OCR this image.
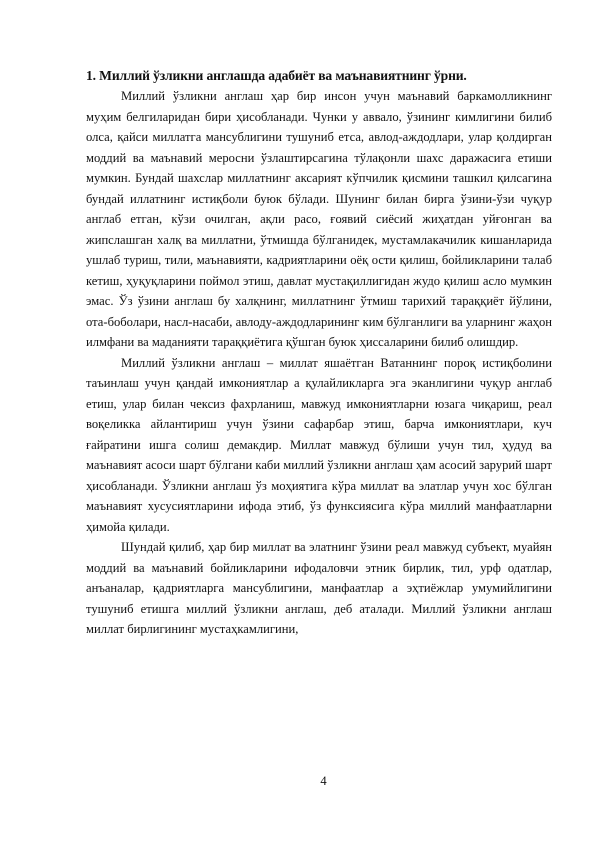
1. Миллий ўзликни англашда адабиёт ва маънавиятнинг ўрни.

Миллий ўзликни англаш ҳар бир инсон учун маънавий баркамолликнинг муҳим белгиларидан бири ҳисобланади. Чунки у аввало, ўзининг кимлигини билиб олса, қайси миллатга мансублигини тушуниб етса, авлод-аждодлари, улар қолдирган моддий ва маънавий меросни ўзлаштирсагина тўлақонли шахс даражасига етиши мумкин. Бундай шахслар миллатнинг аксарият кўпчилик қисмини ташкил қилсагина бундай иллатнинг истиқболи буюк бўлади. Шунинг билан бирга ўзини-ўзи чуқур англаб етган, кўзи очилган, ақли расо, ғоявий сиёсий жиҳатдан уйғонган ва жипслашган халқ ва миллатни, ўтмишда бўлганидек, мустамлакачилик кишанларида ушлаб туриш, тили, маънавияти, кадриятларини оёқ ости қилиш, бойликларини талаб кетиш, ҳуқуқларини поймол этиш, давлат мустақиллигидан жудо қилиш асло мумкин эмас. Ўз ўзини англаш бу халқнинг, миллатнинг ўтмиш тарихий тараққиёт йўлини, ота-боболари, насл-насаби, авлоду-аждодларининг ким бўлганлиги ва уларнинг жаҳон илмфани ва маданияти тараққиётига қўшган буюк ҳиссаларини билиб олишдир.

Миллий ўзликни англаш – миллат яшаётган Ватаннинг пороқ истиқболини таъинлаш учун қандай имкониятлар а қулайликларга эга эканлигини чуқур англаб етиш, улар билан чексиз фахрланиш, мавжуд имкониятларни юзага чиқариш, реал воқеликка айлантириш учун ўзини сафарбар этиш, барча имкониятлари, куч ғайратини ишга солиш демакдир. Миллат мавжуд бўлиши учун тил, ҳудуд ва маънавият асоси шарт бўлгани каби миллий ўзликни англаш ҳам асосий зарурий шарт ҳисобланади. Ўзликни англаш ўз моҳиятига кўра миллат ва элатлар учун хос бўлган маънавият хусусиятларини ифода этиб, ўз функсиясига кўра миллий манфаатларни ҳимойа қилади.

Шундай қилиб, ҳар бир миллат ва элатнинг ўзини реал мавжуд субъект, муайян моддий ва маънавий бойликларини ифодаловчи этник бирлик, тил, урф одатлар, анъаналар, қадриятларга мансублигини, манфаатлар а эҳтиёжлар умумийлигини тушуниб етишга миллий ўзликни англаш, деб аталади. Миллий ўзликни англаш миллат бирлигининг мустаҳкамлигини,

4
